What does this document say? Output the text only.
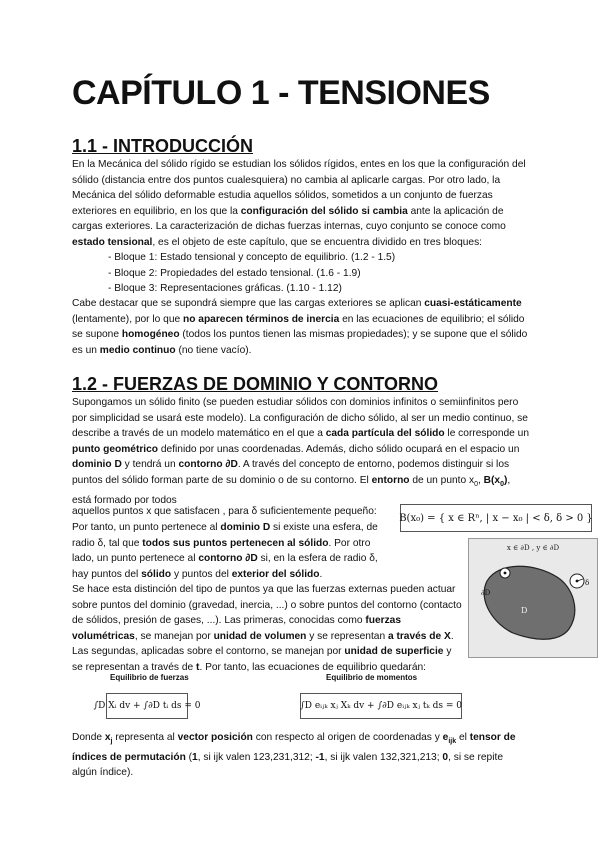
CAPÍTULO 1 - TENSIONES
1.1 - INTRODUCCIÓN

En la Mecánica del sólido rígido se estudian los sólidos rígidos, entes en los que la configuración del sólido (distancia entre dos puntos cualesquiera) no cambia al aplicarle cargas. Por otro lado, la Mecánica del sólido deformable estudia aquellos sólidos, sometidos a un conjunto de fuerzas exteriores en equilibrio, en los que la configuración del sólido si cambia ante la aplicación de cargas exteriores. La caracterización de dichas fuerzas internas, cuyo conjunto se conoce como estado tensional, es el objeto de este capítulo, que se encuentra dividido en tres bloques:

- Bloque 1: Estado tensional y concepto de equilibrio. (1.2 - 1.5)
- Bloque 2: Propiedades del estado tensional. (1.6 - 1.9)
- Bloque 3: Representaciones gráficas. (1.10 - 1.12)

Cabe destacar que se supondrá siempre que las cargas exteriores se aplican cuasi-estáticamente (lentamente), por lo que no aparecen términos de inercia en las ecuaciones de equilibrio; el sólido se supone homogéneo (todos los puntos tienen las mismas propiedades); y se supone que el sólido es un medio continuo (no tiene vacío).

1.2 - FUERZAS DE DOMINIO Y CONTORNO

Supongamos un sólido finito (se pueden estudiar sólidos con dominios infinitos o semiinfinitos pero por simplicidad se usará este modelo). La configuración de dicho sólido, al ser un medio continuo, se describe a través de un modelo matemático en el que a cada partícula del sólido le corresponde un punto geométrico definido por unas coordenadas. Además, dicho sólido ocupará en el espacio un dominio D y tendrá un contorno ∂D. A través del concepto de entorno, podemos distinguir si los puntos del sólido forman parte de su dominio o de su contorno. El entorno de un punto $x_0$, $B(x_0)$, está formado por todos

aquellos puntos x que satisfacen , para δ suficientemente pequeño:

B(x₀) = { x ∈ Rⁿ, | x − x₀ | < δ, δ > 0 }

Por tanto, un punto pertenece al dominio D si existe una esfera, de radio δ, tal que todos sus puntos pertenecen al sólido. Por otro lado, un punto pertenece al contorno ∂D si, en la esfera de radio δ, hay puntos del sólido y puntos del exterior del sólido.

x ∈ ∂D , y ∈ ∂D
∂D
D
δ

Se hace esta distinción del tipo de puntos ya que las fuerzas externas pueden actuar sobre puntos del dominio (gravedad, inercia, ...) o sobre puntos del contorno (contacto de sólidos, presión de gases, ...). Las primeras, conocidas como fuerzas volumétricas, se manejan por unidad de volumen y se representan a través de X. Las segundas, aplicadas sobre el contorno, se manejan por unidad de superficie y se representan a través de t. Por tanto, las ecuaciones de equilibrio quedarán:

Equilibrio de fuerzas	Equilibrio de momentos
∫D Xᵢ dv + ∫∂D tᵢ ds = 0	∫D eᵢⱼₖ xⱼ Xₖ dv + ∫∂D eᵢⱼₖ xⱼ tₖ ds = 0

Donde $x_j$ representa al vector posición con respecto al origen de coordenadas y $e_{ijk}$ el tensor de índices de permutación (1, si ijk valen 123,231,312; -1, si ijk valen 132,321,213; 0, si se repite algún índice).
